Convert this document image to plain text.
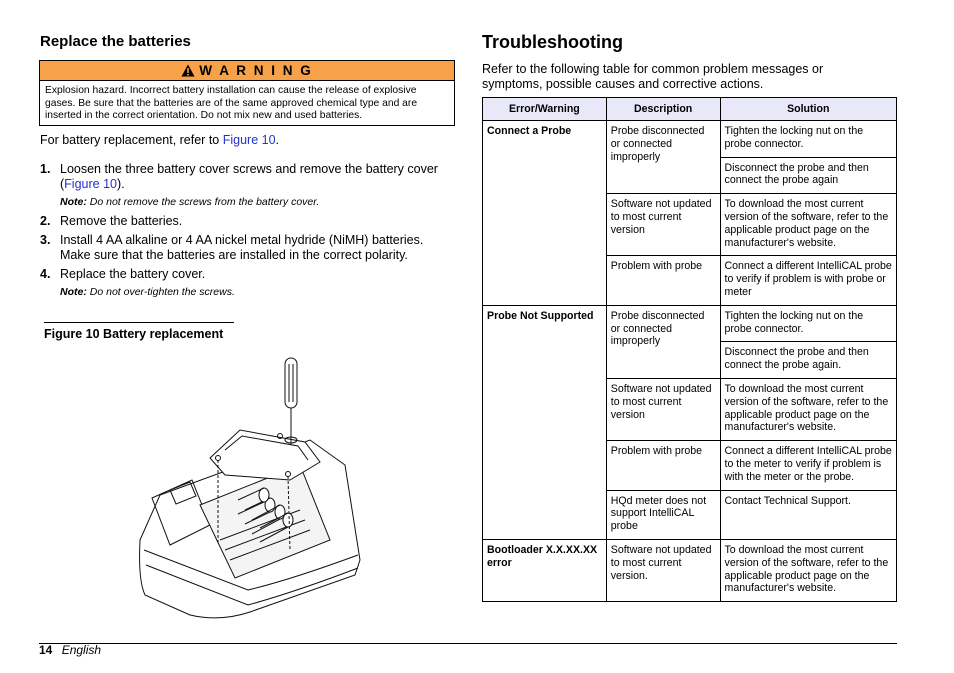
Replace the batteries
W A R N I N G
Explosion hazard. Incorrect battery installation can cause the release of explosive gases. Be sure that the batteries are of the same approved chemical type and are inserted in the correct orientation. Do not mix new and used batteries.
For battery replacement, refer to Figure 10.
1. Loosen the three battery cover screws and remove the battery cover (Figure 10).
Note: Do not remove the screws from the battery cover.
2. Remove the batteries.
3. Install 4 AA alkaline or 4 AA nickel metal hydride (NiMH) batteries. Make sure that the batteries are installed in the correct polarity.
4. Replace the battery cover.
Note: Do not over-tighten the screws.
Figure 10 Battery replacement
Troubleshooting
Refer to the following table for common problem messages or symptoms, possible causes and corrective actions.
Error/Warning	Description	Solution
Connect a Probe	Probe disconnected or connected improperly	Tighten the locking nut on the probe connector.
		Disconnect the probe and then connect the probe again
	Software not updated to most current version	To download the most current version of the software, refer to the applicable product page on the manufacturer's website.
	Problem with probe	Connect a different IntelliCAL probe to verify if problem is with probe or meter
Probe Not Supported	Probe disconnected or connected improperly	Tighten the locking nut on the probe connector.
		Disconnect the probe and then connect the probe again.
	Software not updated to most current version	To download the most current version of the software, refer to the applicable product page on the manufacturer's website.
	Problem with probe	Connect a different IntelliCAL probe to the meter to verify if problem is with the meter or the probe.
	HQd meter does not support IntelliCAL probe	Contact Technical Support.
Bootloader X.X.XX.XX error	Software not updated to most current version.	To download the most current version of the software, refer to the applicable product page on the manufacturer's website.
14 English
